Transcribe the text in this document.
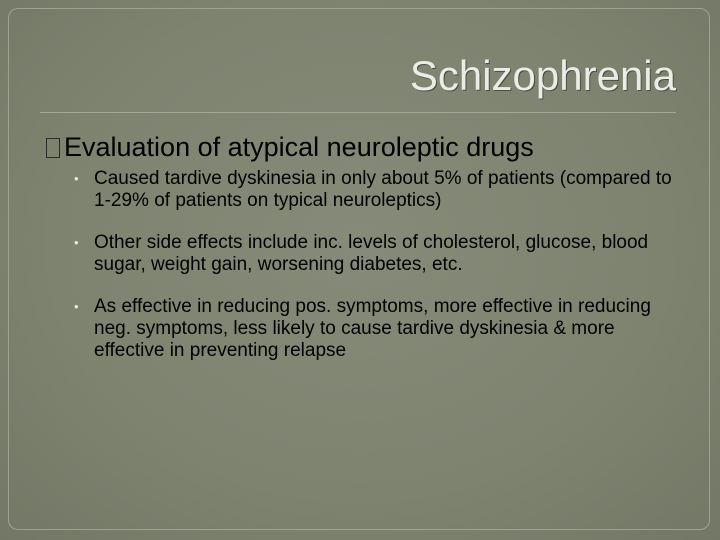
Schizophrenia
Evaluation of atypical neuroleptic drugs
• Caused tardive dyskinesia in only about 5% of patients (compared to 1-29% of patients on typical neuroleptics)
• Other side effects include inc. levels of cholesterol, glucose, blood sugar, weight gain, worsening diabetes, etc.
• As effective in reducing pos. symptoms, more effective in reducing neg. symptoms, less likely to cause tardive dyskinesia & more effective in preventing relapse
